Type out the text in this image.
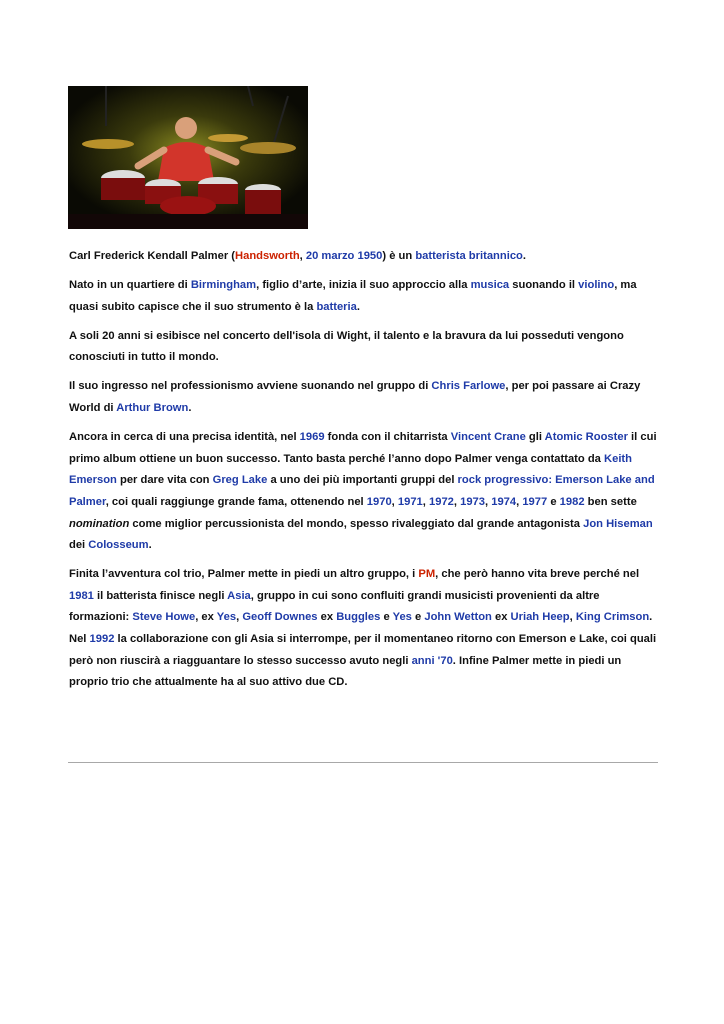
Carl Frederick Kendall Palmer (Handsworth, 20 marzo 1950) è un batterista britannico.

Nato in un quartiere di Birmingham, figlio d’arte, inizia il suo approccio alla musica suonando il violino, ma quasi subito capisce che il suo strumento è la batteria.

A soli 20 anni si esibisce nel concerto dell'isola di Wight, il talento e la bravura da lui posseduti vengono conosciuti in tutto il mondo.

Il suo ingresso nel professionismo avviene suonando nel gruppo di Chris Farlowe, per poi passare ai Crazy World di Arthur Brown.

Ancora in cerca di una precisa identità, nel 1969 fonda con il chitarrista Vincent Crane gli Atomic Rooster il cui primo album ottiene un buon successo. Tanto basta perché l’anno dopo Palmer venga contattato da Keith Emerson per dare vita con Greg Lake a uno dei più importanti gruppi del rock progressivo: Emerson Lake and Palmer, coi quali raggiunge grande fama, ottenendo nel 1970, 1971, 1972, 1973, 1974, 1977 e 1982 ben sette nomination come miglior percussionista del mondo, spesso rivaleggiato dal grande antagonista Jon Hiseman dei Colosseum.

Finita l’avventura col trio, Palmer mette in piedi un altro gruppo, i PM, che però hanno vita breve perché nel 1981 il batterista finisce negli Asia, gruppo in cui sono confluiti grandi musicisti provenienti da altre formazioni: Steve Howe, ex Yes, Geoff Downes ex Buggles e Yes e John Wetton ex Uriah Heep, King Crimson. Nel 1992 la collaborazione con gli Asia si interrompe, per il momentaneo ritorno con Emerson e Lake, coi quali però non riuscirà a riagguantare lo stesso successo avuto negli anni '70. Infine Palmer mette in piedi un proprio trio che attualmente ha al suo attivo due CD.
